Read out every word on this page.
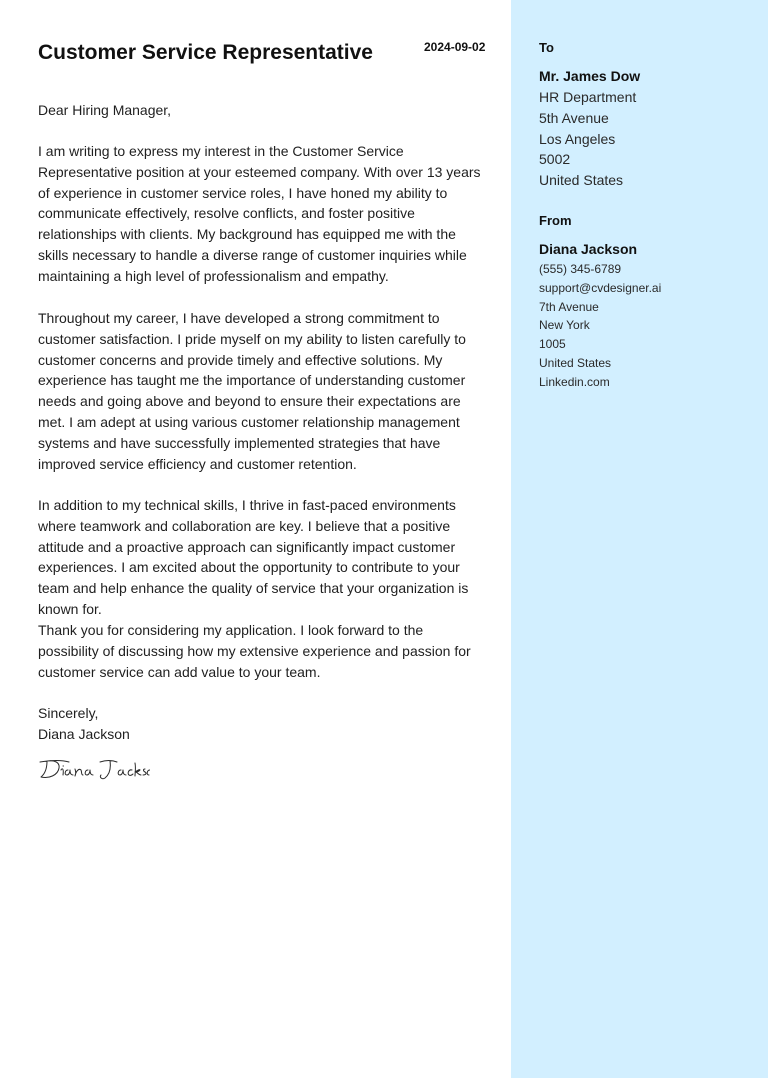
Customer Service Representative	2024-09-02
Dear Hiring Manager,

I am writing to express my interest in the Customer Service Representative position at your esteemed company. With over 13 years of experience in customer service roles, I have honed my ability to communicate effectively, resolve conflicts, and foster positive relationships with clients. My background has equipped me with the skills necessary to handle a diverse range of customer inquiries while maintaining a high level of professionalism and empathy.

Throughout my career, I have developed a strong commitment to customer satisfaction. I pride myself on my ability to listen carefully to customer concerns and provide timely and effective solutions. My experience has taught me the importance of understanding customer needs and going above and beyond to ensure their expectations are met. I am adept at using various customer relationship management systems and have successfully implemented strategies that have improved service efficiency and customer retention.

In addition to my technical skills, I thrive in fast-paced environments where teamwork and collaboration are key. I believe that a positive attitude and a proactive approach can significantly impact customer experiences. I am excited about the opportunity to contribute to your team and help enhance the quality of service that your organization is known for.

Thank you for considering my application. I look forward to the possibility of discussing how my extensive experience and passion for customer service can add value to your team.

Sincerely,
Diana Jackson
To
Mr. James Dow
HR Department
5th Avenue
Los Angeles
5002
United States
From
Diana Jackson
(555) 345-6789
support@cvdesigner.ai
7th Avenue
New York
1005
United States
Linkedin.com
